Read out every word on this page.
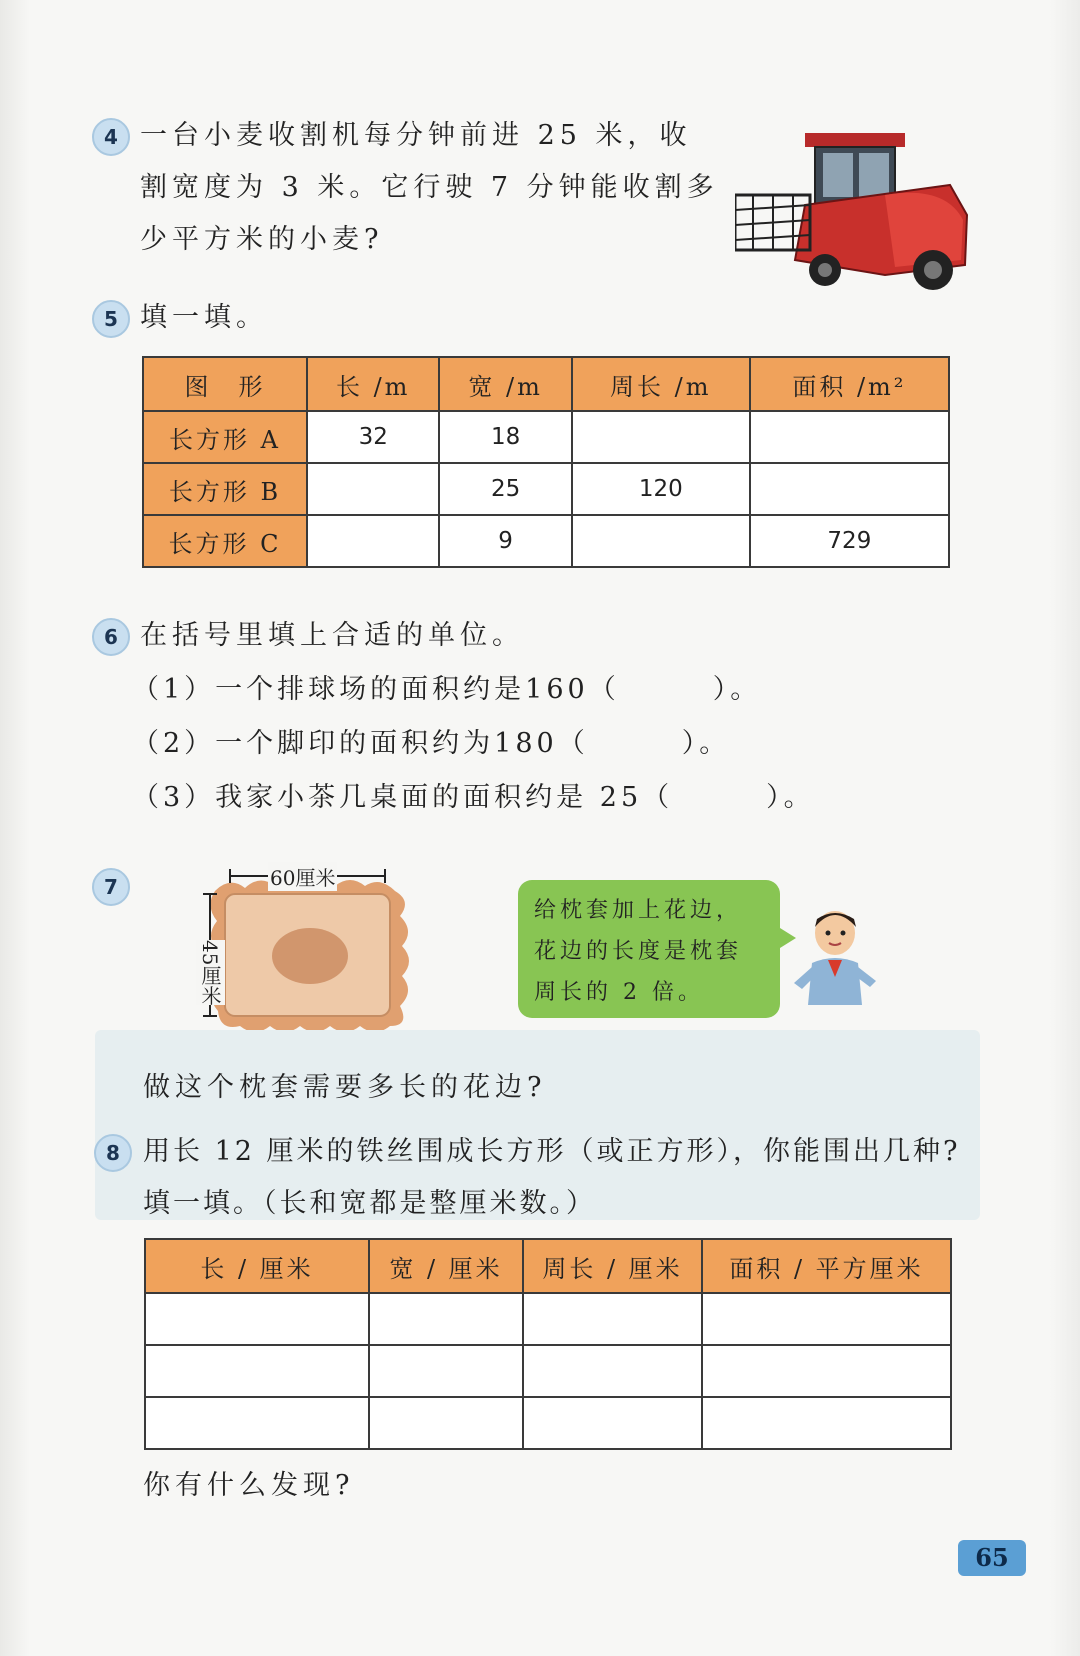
4 一台小麦收割机每分钟前进 25 米，收
割宽度为 3 米。它行驶 7 分钟能收割多
少平方米的小麦?
5 填一填。
图　形	长 /m	宽 /m	周长 /m	面积 /m²
长方形 A	32	18		
长方形 B		25	120	
长方形 C		9		729
6 在括号里填上合适的单位。
（1）一个排球场的面积约是160（　　　）。
（2）一个脚印的面积约为180（　　　）。
（3）我家小茶几桌面的面积约是 25（　　　）。
7	60厘米
45厘米
给枕套加上花边，
花边的长度是枕套
周长的 2 倍。
做这个枕套需要多长的花边?
8 用长 12 厘米的铁丝围成长方形（或正方形），你能围出几种?
填一填。（长和宽都是整厘米数。）
长 / 厘米	宽 / 厘米	周长 / 厘米	面积 / 平方厘米

你有什么发现?
65
